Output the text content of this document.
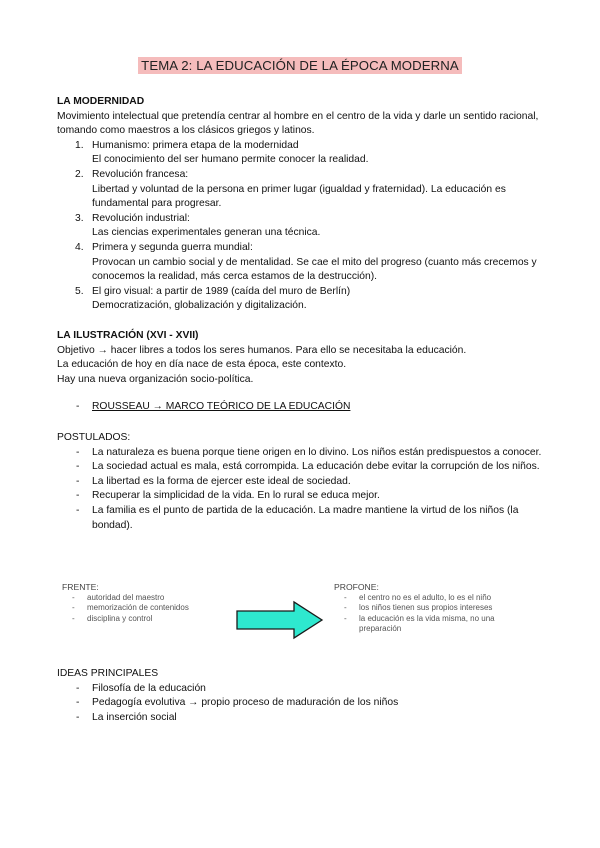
TEMA 2: LA EDUCACIÓN DE LA ÉPOCA MODERNA
LA MODERNIDAD

Movimiento intelectual que pretendía centrar al hombre en el centro de la vida y darle un sentido racional, tomando como maestros a los clásicos griegos y latinos.

1. Humanismo: primera etapa de la modernidad
El conocimiento del ser humano permite conocer la realidad.
2. Revolución francesa:
Libertad y voluntad de la persona en primer lugar (igualdad y fraternidad). La educación es fundamental para progresar.
3. Revolución industrial:
Las ciencias experimentales generan una técnica.
4. Primera y segunda guerra mundial:
Provocan un cambio social y de mentalidad. Se cae el mito del progreso (cuanto más crecemos y conocemos la realidad, más cerca estamos de la destrucción).
5. El giro visual: a partir de 1989 (caída del muro de Berlín)
Democratización, globalización y digitalización.
LA ILUSTRACIÓN (XVI - XVII)
Objetivo → hacer libres a todos los seres humanos. Para ello se necesitaba la educación.
La educación de hoy en día nace de esta época, este contexto.
Hay una nueva organización socio-política.
- ROUSSEAU → MARCO TEÓRICO DE LA EDUCACIÓN
POSTULADOS:
- La naturaleza es buena porque tiene origen en lo divino. Los niños están predispuestos a conocer.
- La sociedad actual es mala, está corrompida. La educación debe evitar la corrupción de los niños.
- La libertad es la forma de ejercer este ideal de sociedad.
- Recuperar la simplicidad de la vida. En lo rural se educa mejor.
- La familia es el punto de partida de la educación. La madre mantiene la virtud de los niños (la bondad).
FRENTE:
- autoridad del maestro
- memorización de contenidos
- disciplina y control
PROFONE:
- el centro no es el adulto, lo es el niño
- los niños tienen sus propios intereses
- la educación es la vida misma, no una preparación
IDEAS PRINCIPALES
- Filosofía de la educación
- Pedagogía evolutiva → propio proceso de maduración de los niños
- La inserción social
